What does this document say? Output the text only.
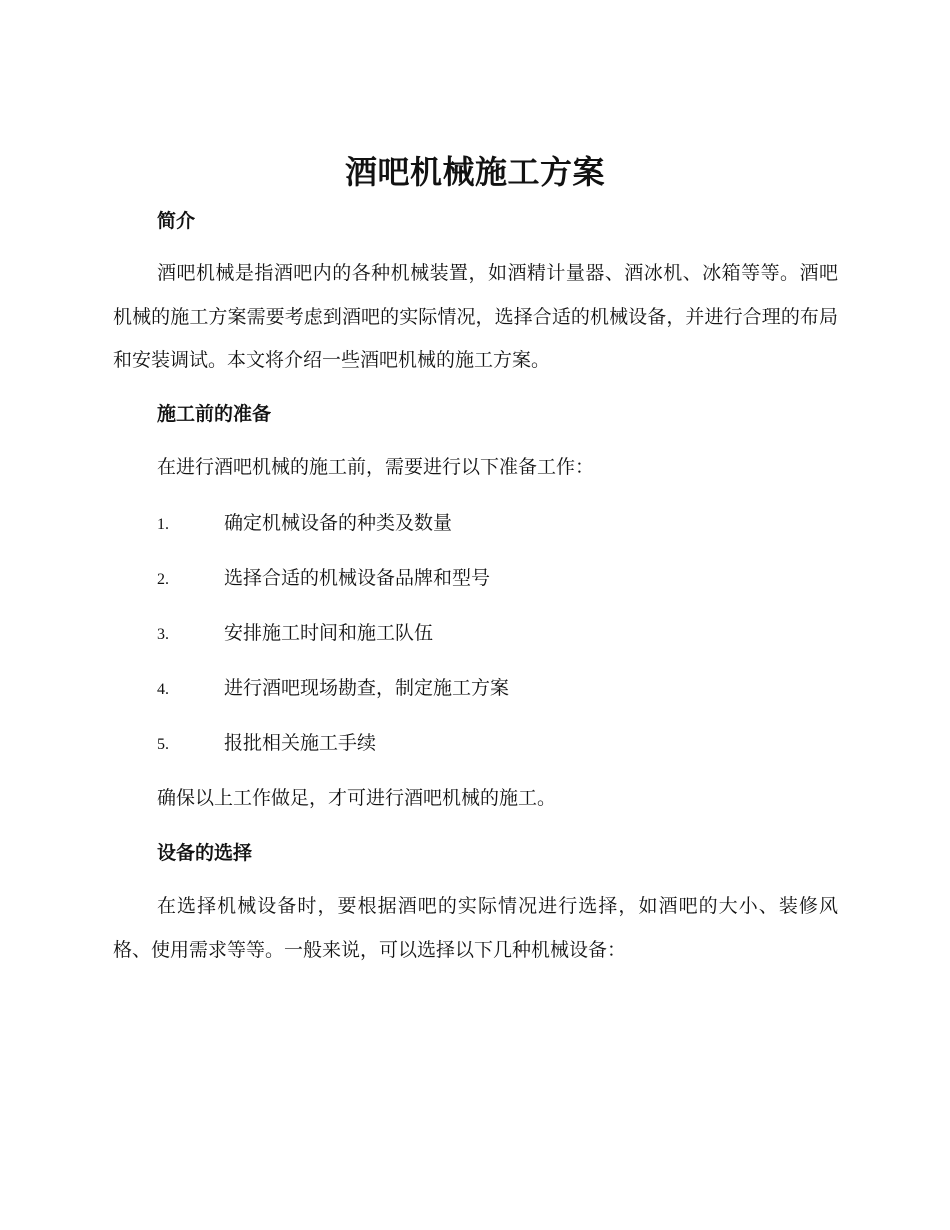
酒吧机械施工方案
简介
酒吧机械是指酒吧内的各种机械装置，如酒精计量器、酒冰机、冰箱等等。酒吧机械的施工方案需要考虑到酒吧的实际情况，选择合适的机械设备，并进行合理的布局和安装调试。本文将介绍一些酒吧机械的施工方案。
施工前的准备
在进行酒吧机械的施工前，需要进行以下准备工作：
1.	确定机械设备的种类及数量
2.	选择合适的机械设备品牌和型号
3.	安排施工时间和施工队伍
4.	进行酒吧现场勘查，制定施工方案
5.	报批相关施工手续
确保以上工作做足，才可进行酒吧机械的施工。
设备的选择
在选择机械设备时，要根据酒吧的实际情况进行选择，如酒吧的大小、装修风格、使用需求等等。一般来说，可以选择以下几种机械设备：
